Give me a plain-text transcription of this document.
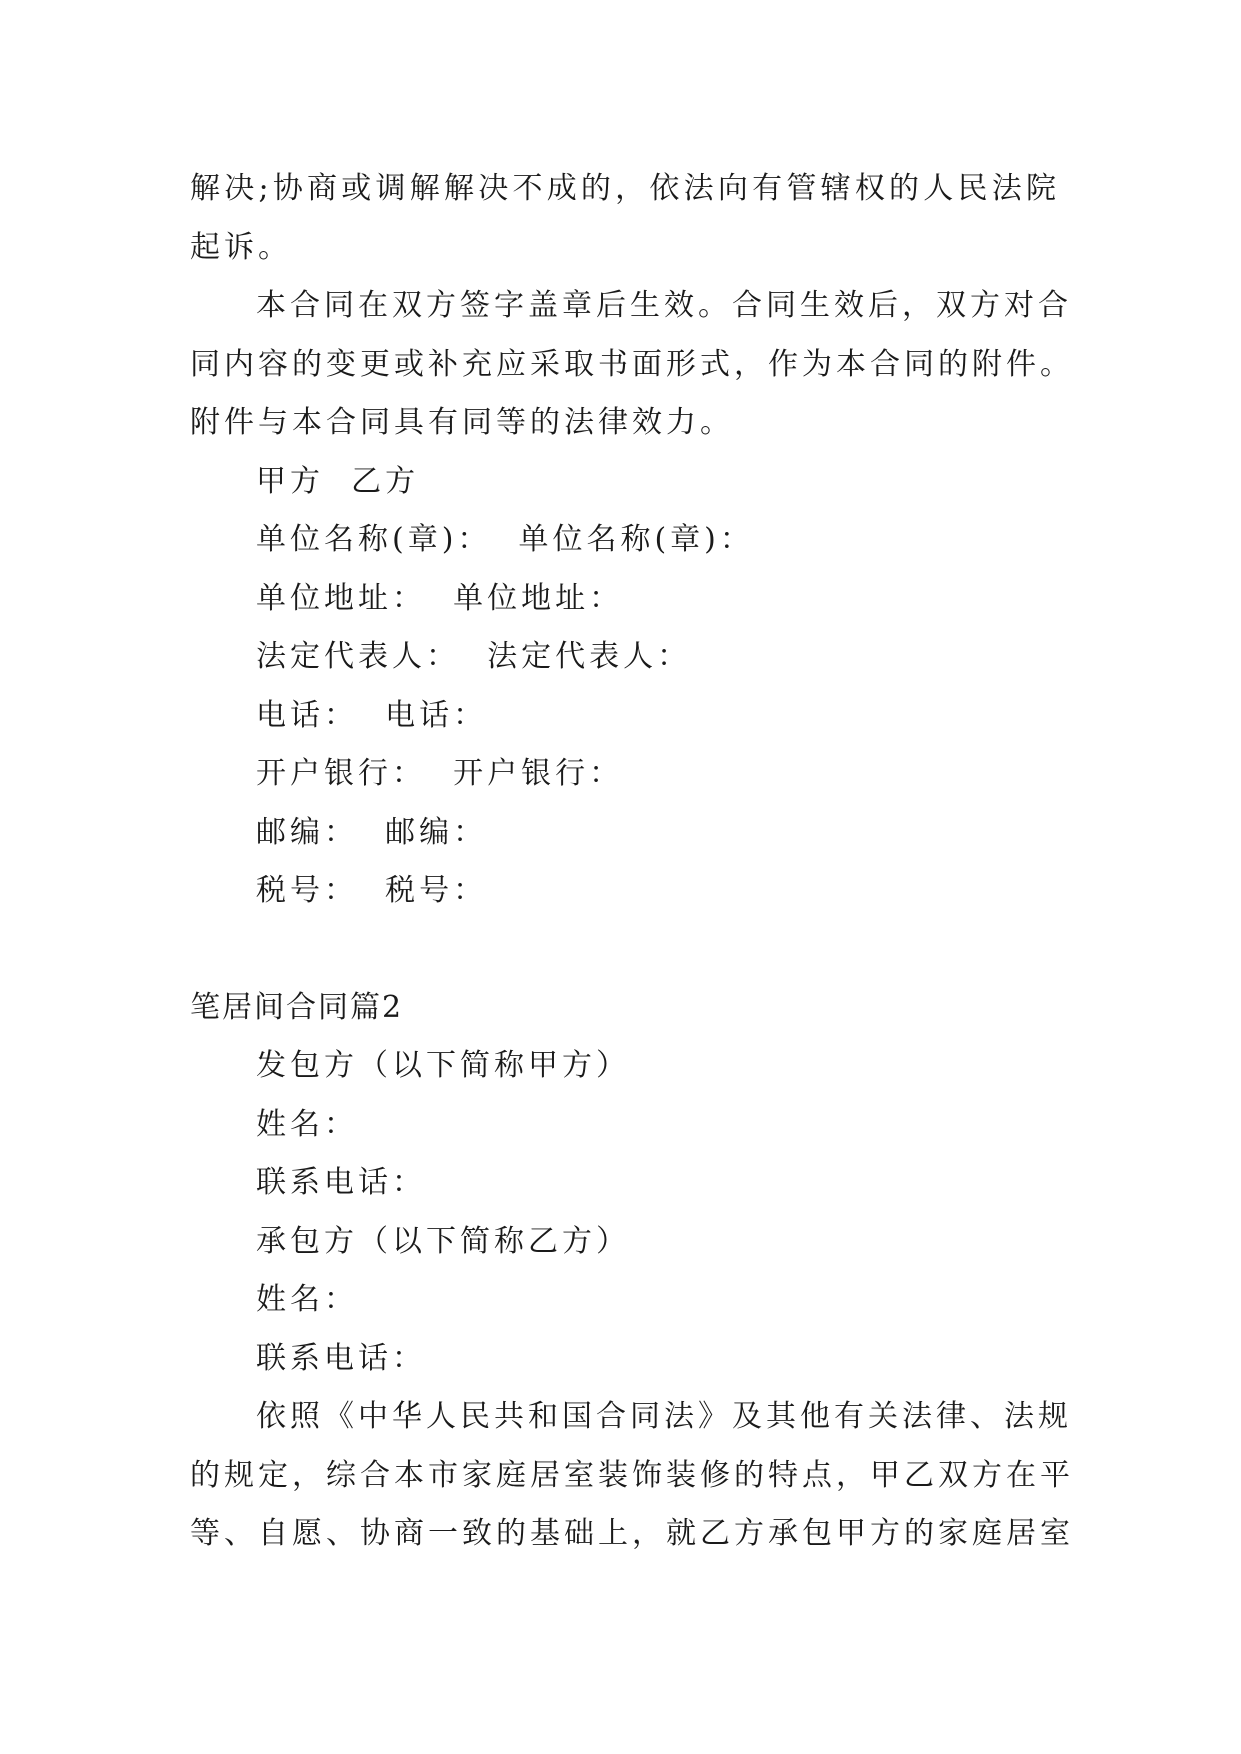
解决;协商或调解解决不成的，依法向有管辖权的人民法院

起诉。

本合同在双方签字盖章后生效。合同生效后，双方对合

同内容的变更或补充应采取书面形式，作为本合同的附件。

附件与本合同具有同等的法律效力。

甲方  乙方

单位名称(章)：  单位名称(章)：

单位地址：  单位地址：

法定代表人：  法定代表人：

电话：  电话：

开户银行：  开户银行：

邮编：  邮编：

税号：  税号：

笔居间合同篇2

发包方（以下简称甲方）

姓名：

联系电话：

承包方（以下简称乙方）

姓名：

联系电话：

依照《中华人民共和国合同法》及其他有关法律、法规

的规定，综合本市家庭居室装饰装修的特点，甲乙双方在平

等、自愿、协商一致的基础上，就乙方承包甲方的家庭居室
